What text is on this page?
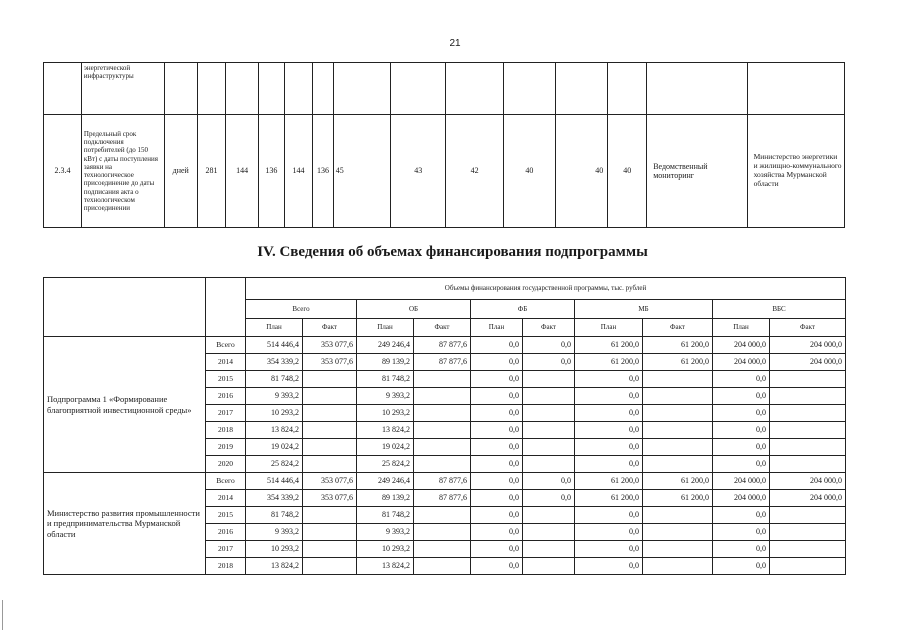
21
	энергетической инфраструктуры														
2.3.4	Предельный срок подключения потребителей (до 150 кВт) с даты поступления заявки на технологическое присоединение до даты подписания акта о технологическом присоединении	дней	281	144	136	144	136	45	43	42	40	40	40	Ведомственный мониторинг	Министерство энергетики и жилищно-коммунального хозяйства Мурманской области
IV. Сведения об объемах финансирования подпрограммы
		Объемы финансирования государственной программы, тыс. рублей									
		Всего		ОБ		ФБ		МБ		ВБС	
		План	Факт	План	Факт	План	Факт	План	Факт	План	Факт
Подпрограмма 1 «Формирование благоприятной инвестиционной среды»	Всего	514 446,4	353 077,6	249 246,4	87 877,6	0,0	0,0	61 200,0	61 200,0	204 000,0	204 000,0
	2014	354 339,2	353 077,6	89 139,2	87 877,6	0,0	0,0	61 200,0	61 200,0	204 000,0	204 000,0
	2015	81 748,2		81 748,2		0,0		0,0		0,0	
	2016	9 393,2		9 393,2		0,0		0,0		0,0	
	2017	10 293,2		10 293,2		0,0		0,0		0,0	
	2018	13 824,2		13 824,2		0,0		0,0		0,0	
	2019	19 024,2		19 024,2		0,0		0,0		0,0	
	2020	25 824,2		25 824,2		0,0		0,0		0,0	
Министерство развития промышленности и предпринимательства Мурманской области	Всего	514 446,4	353 077,6	249 246,4	87 877,6	0,0	0,0	61 200,0	61 200,0	204 000,0	204 000,0
	2014	354 339,2	353 077,6	89 139,2	87 877,6	0,0	0,0	61 200,0	61 200,0	204 000,0	204 000,0
	2015	81 748,2		81 748,2		0,0		0,0		0,0	
	2016	9 393,2		9 393,2		0,0		0,0		0,0	
	2017	10 293,2		10 293,2		0,0		0,0		0,0	
	2018	13 824,2		13 824,2		0,0		0,0		0,0	
